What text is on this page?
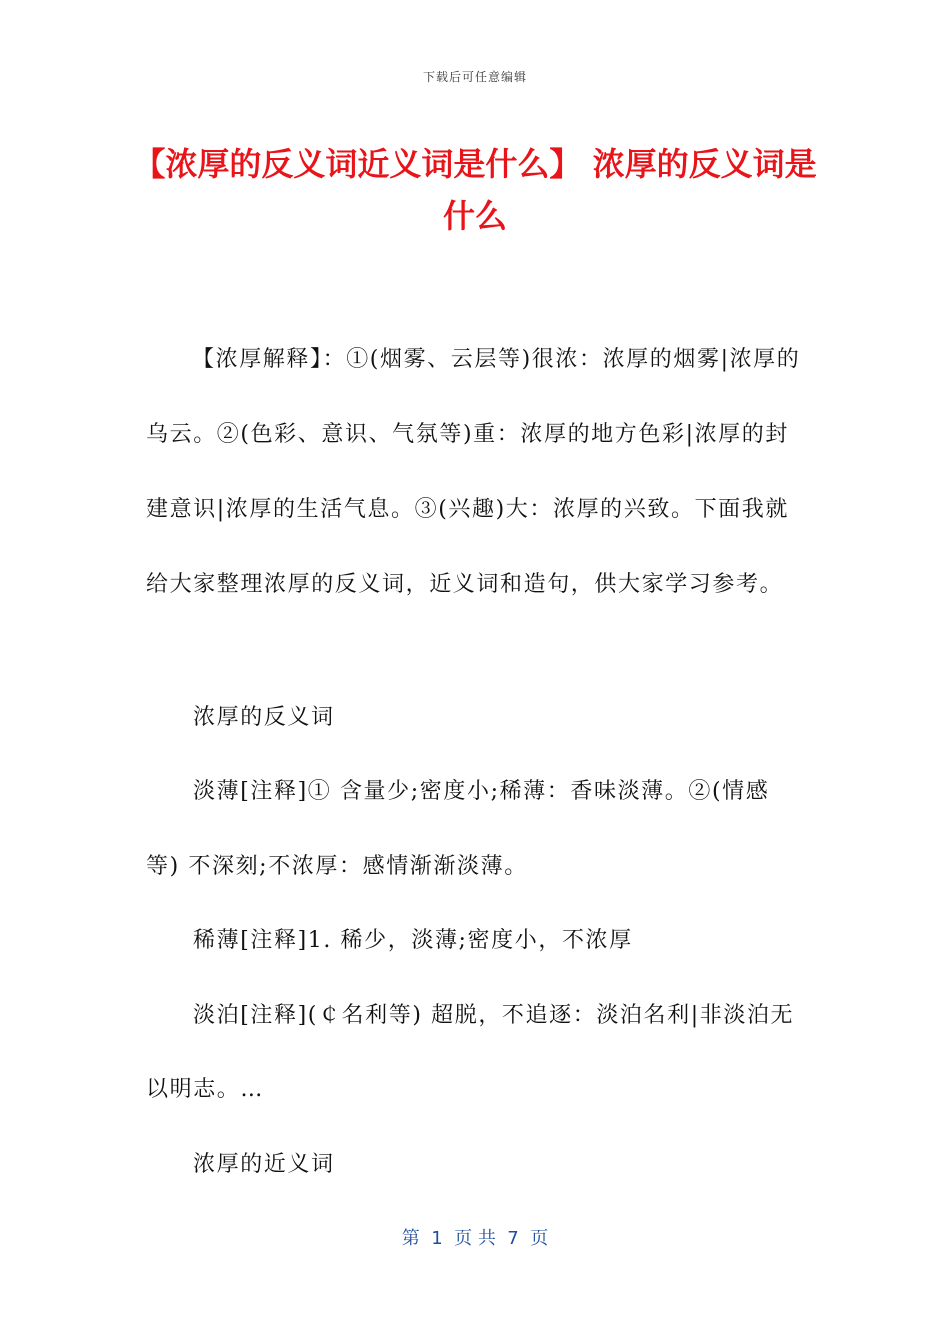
下载后可任意编辑
【浓厚的反义词近义词是什么】 浓厚的反义词是什么

【浓厚解释】：①(烟雾、云层等)很浓：浓厚的烟雾|浓厚的乌云。②(色彩、意识、气氛等)重：浓厚的地方色彩|浓厚的封建意识|浓厚的生活气息。③(兴趣)大：浓厚的兴致。下面我就给大家整理浓厚的反义词，近义词和造句，供大家学习参考。

浓厚的反义词

淡薄[注释]① 含量少;密度小;稀薄：香味淡薄。②(情感

等) 不深刻;不浓厚：感情渐渐淡薄。

稀薄[注释]1. 稀少，淡薄;密度小，不浓厚

淡泊[注释](￠名利等) 超脱，不追逐：淡泊名利|非淡泊无

以明志。…

浓厚的近义词

第  1  页 共  7  页
